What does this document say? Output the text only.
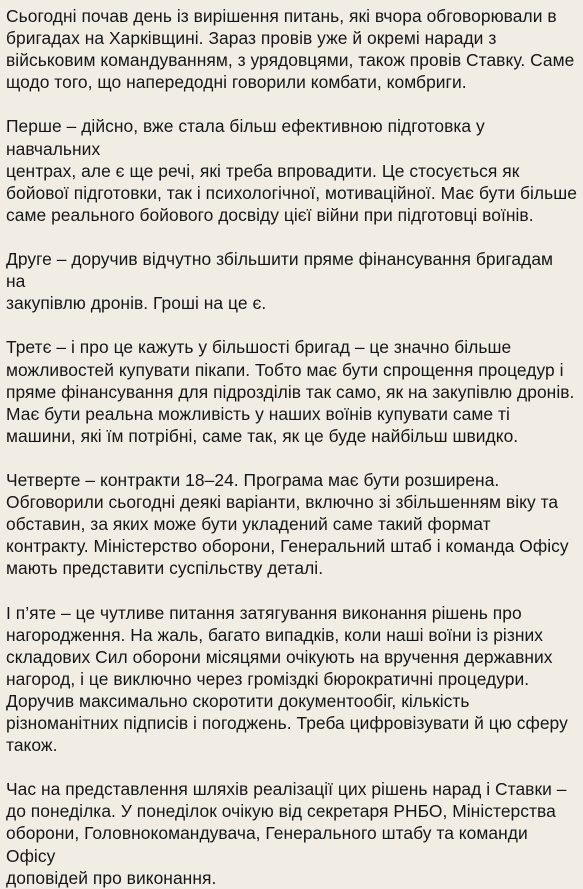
Сьогодні почав день із вирішення питань, які вчора обговорювали в
бригадах на Харківщині. Зараз провів уже й окремі наради з
військовим командуванням, з урядовцями, також провів Ставку. Саме
щодо того, що напередодні говорили комбати, комбриги.

Перше – дійсно, вже стала більш ефективною підготовка у навчальних
центрах, але є ще речі, які треба впровадити. Це стосується як
бойової підготовки, так і психологічної, мотиваційної. Має бути більше
саме реального бойового досвіду цієї війни при підготовці воїнів.

Друге – доручив відчутно збільшити пряме фінансування бригадам на
закупівлю дронів. Гроші на це є.

Третє – і про це кажуть у більшості бригад – це значно більше
можливостей купувати пікапи. Тобто має бути спрощення процедур і
пряме фінансування для підрозділів так само, як на закупівлю дронів.
Має бути реальна можливість у наших воїнів купувати саме ті
машини, які їм потрібні, саме так, як це буде найбільш швидко.

Четверте – контракти 18–24. Програма має бути розширена.
Обговорили сьогодні деякі варіанти, включно зі збільшенням віку та
обставин, за яких може бути укладений саме такий формат
контракту. Міністерство оборони, Генеральний штаб і команда Офісу
мають представити суспільству деталі.

І п’яте – це чутливе питання затягування виконання рішень про
нагородження. На жаль, багато випадків, коли наші воїни із різних
складових Сил оборони місяцями очікують на вручення державних
нагород, і це виключно через громіздкі бюрократичні процедури.
Доручив максимально скоротити документообіг, кількість
різноманітних підписів і погоджень. Треба цифровізувати й цю сферу
також.

Час на представлення шляхів реалізації цих рішень нарад і Ставки –
до понеділка. У понеділок очікую від секретаря РНБО, Міністерства
оборони, Головнокомандувача, Генерального штабу та команди Офісу
доповідей про виконання.
